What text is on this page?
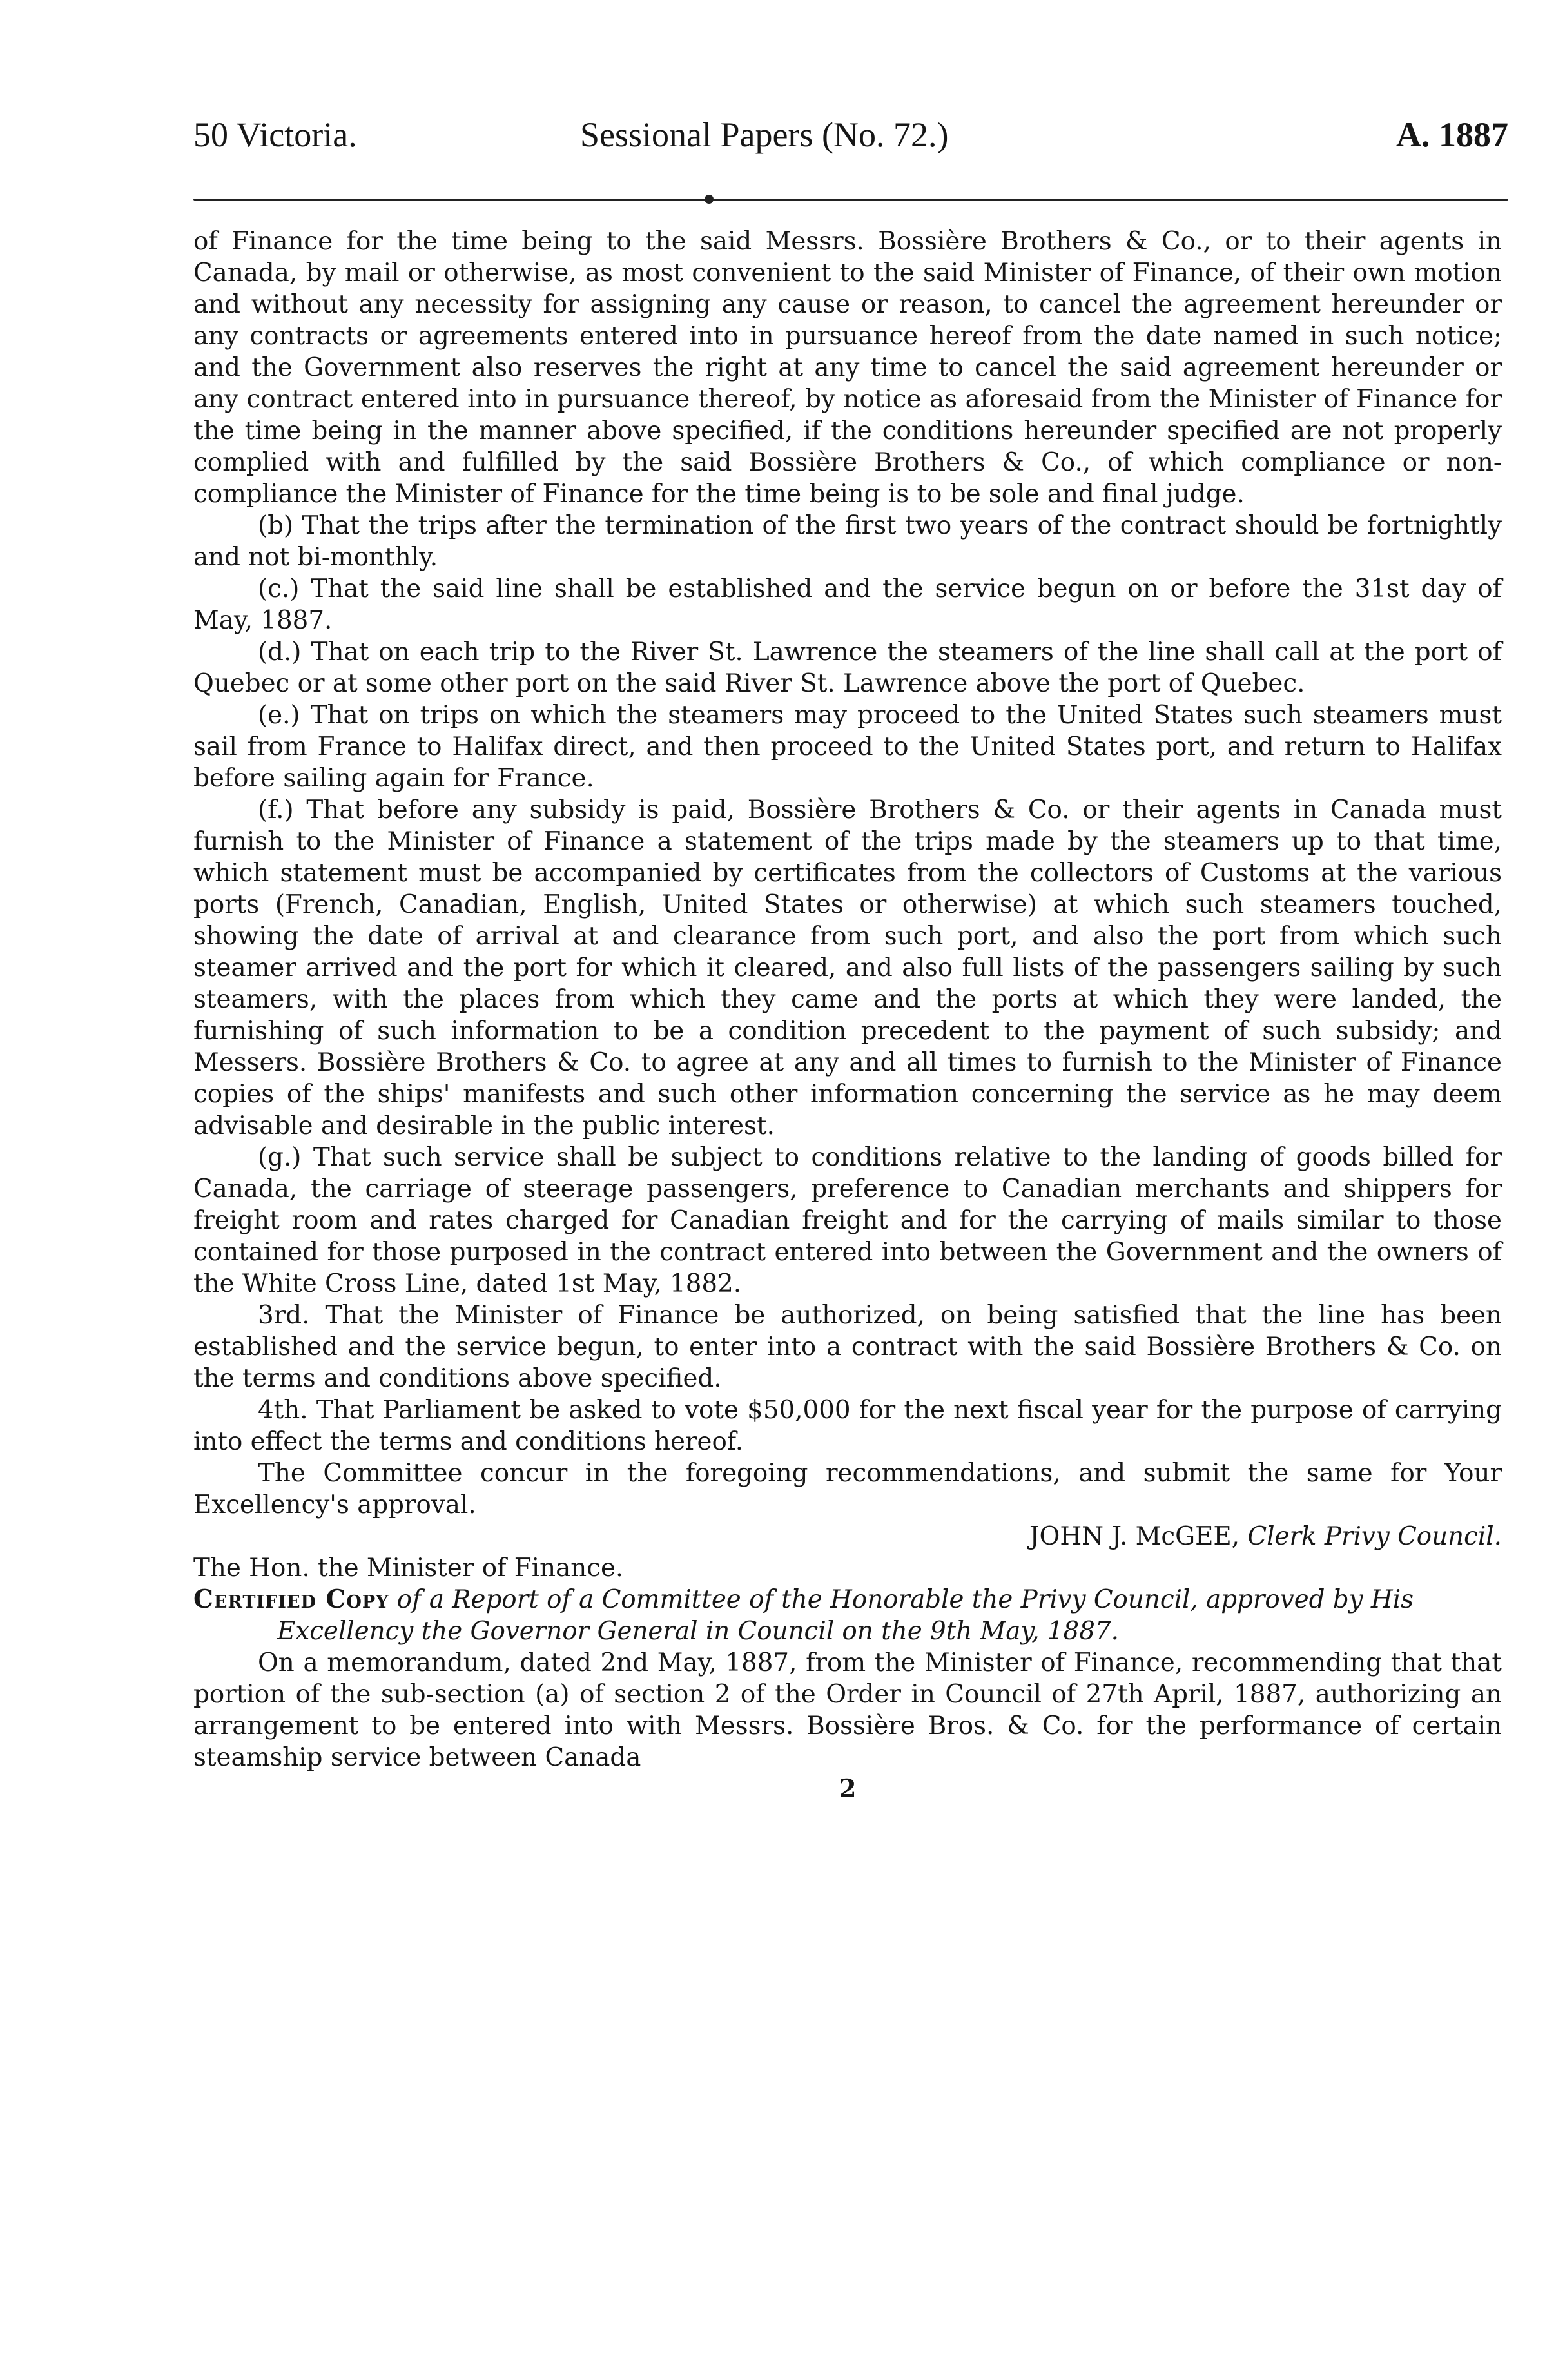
50 Victoria.	Sessional Papers (No. 72.)	A. 1887

of Finance for the time being to the said Messrs. Bossière Brothers & Co., or to their agents in Canada, by mail or otherwise, as most convenient to the said Minister of Finance, of their own motion and without any necessity for assigning any cause or reason, to cancel the agreement hereunder or any contracts or agreements entered into in pursuance hereof from the date named in such notice; and the Government also reserves the right at any time to cancel the said agreement hereunder or any contract entered into in pursuance thereof, by notice as aforesaid from the Minister of Finance for the time being in the manner above specified, if the conditions hereunder specified are not properly complied with and fulfilled by the said Bossière Brothers & Co., of which compliance or non-compliance the Minister of Finance for the time being is to be sole and final judge.

(b) That the trips after the termination of the first two years of the contract should be fortnightly and not bi-monthly.

(c.) That the said line shall be established and the service begun on or before the 31st day of May, 1887.

(d.) That on each trip to the River St. Lawrence the steamers of the line shall call at the port of Quebec or at some other port on the said River St. Lawrence above the port of Quebec.

(e.) That on trips on which the steamers may proceed to the United States such steamers must sail from France to Halifax direct, and then proceed to the United States port, and return to Halifax before sailing again for France.

(f.) That before any subsidy is paid, Bossière Brothers & Co. or their agents in Canada must furnish to the Minister of Finance a statement of the trips made by the steamers up to that time, which statement must be accompanied by certificates from the collectors of Customs at the various ports (French, Canadian, English, United States or otherwise) at which such steamers touched, showing the date of arrival at and clearance from such port, and also the port from which such steamer arrived and the port for which it cleared, and also full lists of the passengers sailing by such steamers, with the places from which they came and the ports at which they were landed, the furnishing of such information to be a condition precedent to the payment of such subsidy; and Messers. Bossière Brothers & Co. to agree at any and all times to furnish to the Minister of Finance copies of the ships' manifests and such other information concerning the service as he may deem advisable and desirable in the public interest.

(g.) That such service shall be subject to conditions relative to the landing of goods billed for Canada, the carriage of steerage passengers, preference to Canadian merchants and shippers for freight room and rates charged for Canadian freight and for the carrying of mails similar to those contained for those purposed in the contract entered into between the Government and the owners of the White Cross Line, dated 1st May, 1882.

3rd. That the Minister of Finance be authorized, on being satisfied that the line has been established and the service begun, to enter into a contract with the said Bossière Brothers & Co. on the terms and conditions above specified.

4th. That Parliament be asked to vote $50,000 for the next fiscal year for the purpose of carrying into effect the terms and conditions hereof.

The Committee concur in the foregoing recommendations, and submit the same for Your Excellency's approval.

JOHN J. McGEE, Clerk Privy Council.

The Hon. the Minister of Finance.

Certified Copy of a Report of a Committee of the Honorable the Privy Council, approved by His Excellency the Governor General in Council on the 9th May, 1887.

On a memorandum, dated 2nd May, 1887, from the Minister of Finance, recommending that that portion of the sub-section (a) of section 2 of the Order in Council of 27th April, 1887, authorizing an arrangement to be entered into with Messrs. Bossière Bros. & Co. for the performance of certain steamship service between Canada

2
